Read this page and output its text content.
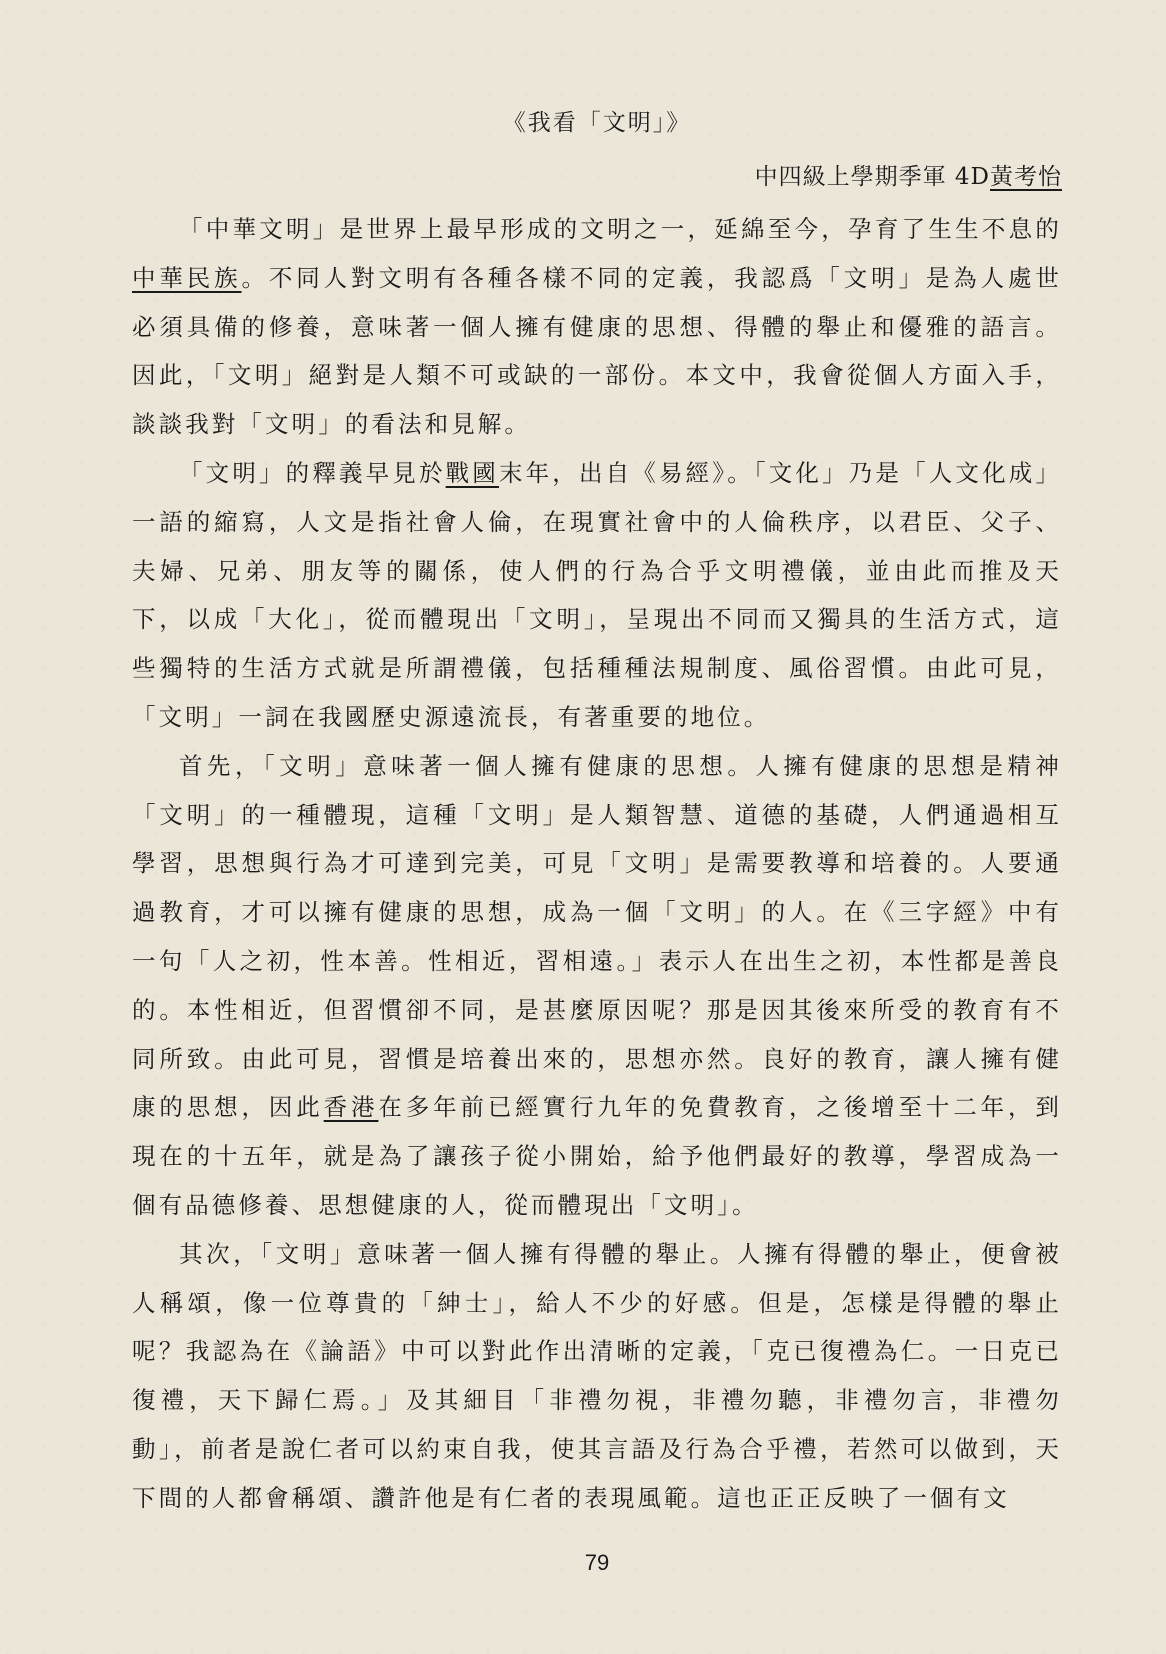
《我看「文明」》
中四級上學期季軍 4D黃考怡

「中華文明」是世界上最早形成的文明之一，延綿至今，孕育了生生不息的中華民族。不同人對文明有各種各樣不同的定義，我認爲「文明」是為人處世必須具備的修養，意味著一個人擁有健康的思想、得體的舉止和優雅的語言。因此，「文明」絕對是人類不可或缺的一部份。本文中，我會從個人方面入手，談談我對「文明」的看法和見解。

「文明」的釋義早見於戰國末年，出自《易經》。「文化」乃是「人文化成」一語的縮寫，人文是指社會人倫，在現實社會中的人倫秩序，以君臣、父子、夫婦、兄弟、朋友等的關係，使人們的行為合乎文明禮儀，並由此而推及天下，以成「大化」，從而體現出「文明」，呈現出不同而又獨具的生活方式，這些獨特的生活方式就是所謂禮儀，包括種種法規制度、風俗習慣。由此可見，「文明」一詞在我國歷史源遠流長，有著重要的地位。

首先，「文明」意味著一個人擁有健康的思想。人擁有健康的思想是精神「文明」的一種體現，這種「文明」是人類智慧、道德的基礎，人們通過相互學習，思想與行為才可達到完美，可見「文明」是需要教導和培養的。人要通過教育，才可以擁有健康的思想，成為一個「文明」的人。在《三字經》中有一句「人之初，性本善。性相近，習相遠。」表示人在出生之初，本性都是善良的。本性相近，但習慣卻不同，是甚麼原因呢？那是因其後來所受的教育有不同所致。由此可見，習慣是培養出來的，思想亦然。良好的教育，讓人擁有健康的思想，因此香港在多年前已經實行九年的免費教育，之後增至十二年，到現在的十五年，就是為了讓孩子從小開始，給予他們最好的教導，學習成為一個有品德修養、思想健康的人，從而體現出「文明」。

其次，「文明」意味著一個人擁有得體的舉止。人擁有得體的舉止，便會被人稱頌，像一位尊貴的「紳士」，給人不少的好感。但是，怎樣是得體的舉止呢？我認為在《論語》中可以對此作出清晰的定義，「克已復禮為仁。一日克已復禮，天下歸仁焉。」及其細目「非禮勿視，非禮勿聽，非禮勿言，非禮勿動」，前者是說仁者可以約束自我，使其言語及行為合乎禮，若然可以做到，天下間的人都會稱頌、讚許他是有仁者的表現風範。這也正正反映了一個有文

79
